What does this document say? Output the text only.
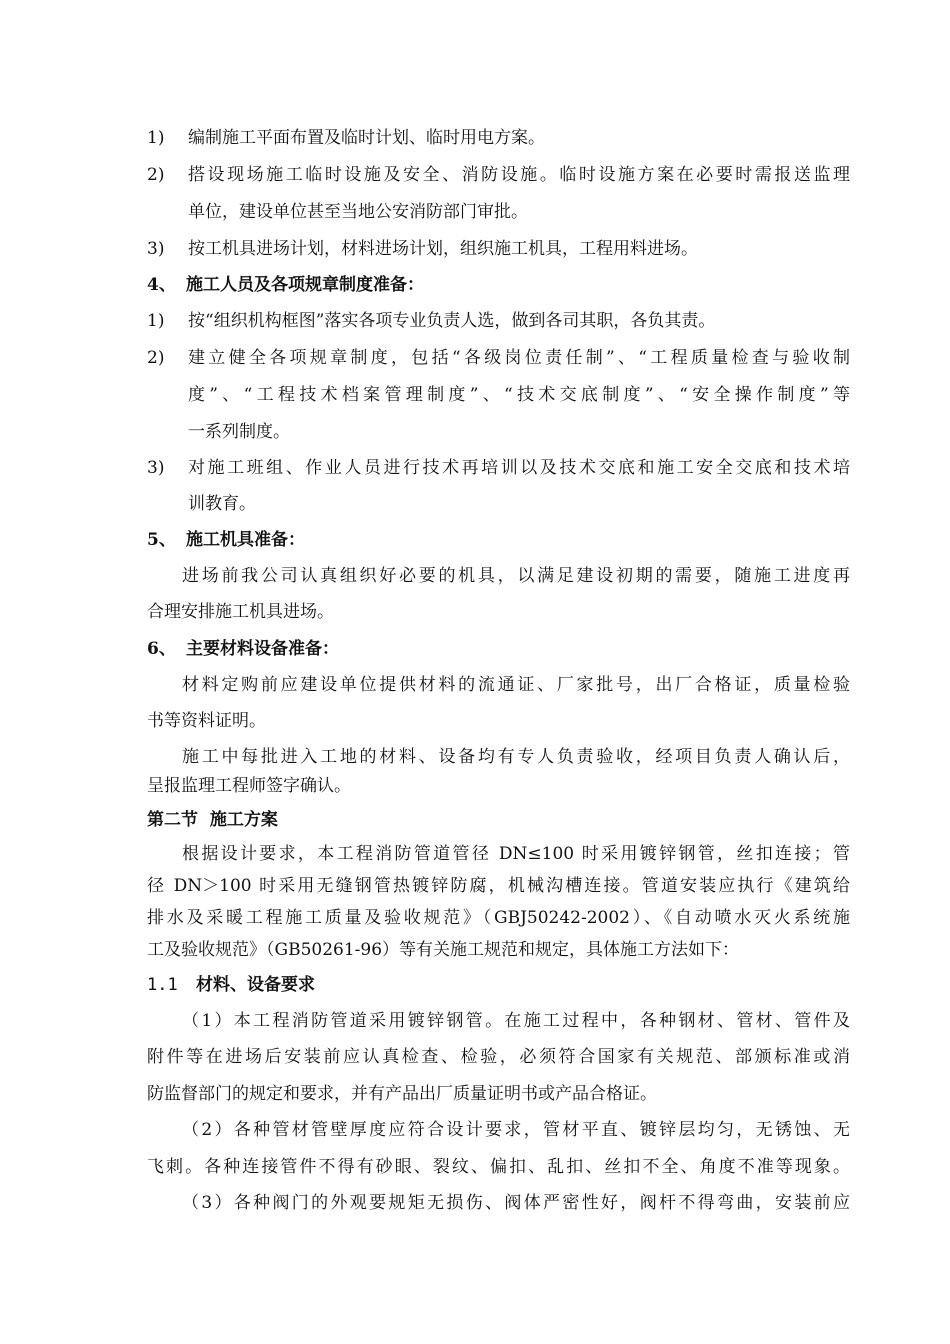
1) 编制施工平面布置及临时计划、临时用电方案。
2) 搭设现场施工临时设施及安全、消防设施。临时设施方案在必要时需报送监理
单位，建设单位甚至当地公安消防部门审批。
3) 按工机具进场计划，材料进场计划，组织施工机具，工程用料进场。
4、 施工人员及各项规章制度准备：
1) 按“组织机构框图”落实各项专业负责人选，做到各司其职，各负其责。
2) 建立健全各项规章制度，包括“各级岗位责任制”、“工程质量检查与验收制
度”、“工程技术档案管理制度”、“技术交底制度”、“安全操作制度”等
一系列制度。
3) 对施工班组、作业人员进行技术再培训以及技术交底和施工安全交底和技术培
训教育。
5、 施工机具准备：
进场前我公司认真组织好必要的机具，以满足建设初期的需要，随施工进度再
合理安排施工机具进场。
6、 主要材料设备准备：
材料定购前应建设单位提供材料的流通证、厂家批号，出厂合格证，质量检验
书等资料证明。
施工中每批进入工地的材料、设备均有专人负责验收，经项目负责人确认后，
呈报监理工程师签字确认。
第二节  施工方案
根据设计要求，本工程消防管道管径 DN≤100 时采用镀锌钢管，丝扣连接；管
径 DN＞100 时采用无缝钢管热镀锌防腐，机械沟槽连接。管道安装应执行《建筑给
排水及采暖工程施工质量及验收规范》（GBJ50242-2002）、《自动喷水灭火系统施
工及验收规范》（GB50261-96）等有关施工规范和规定，具体施工方法如下：
1.1 材料、设备要求
（1）本工程消防管道采用镀锌钢管。在施工过程中，各种钢材、管材、管件及
附件等在进场后安装前应认真检查、检验，必须符合国家有关规范、部颁标准或消
防监督部门的规定和要求，并有产品出厂质量证明书或产品合格证。
（2）各种管材管壁厚度应符合设计要求，管材平直、镀锌层均匀，无锈蚀、无
飞刺。各种连接管件不得有砂眼、裂纹、偏扣、乱扣、丝扣不全、角度不准等现象。
（3）各种阀门的外观要规矩无损伤、阀体严密性好，阀杆不得弯曲，安装前应
